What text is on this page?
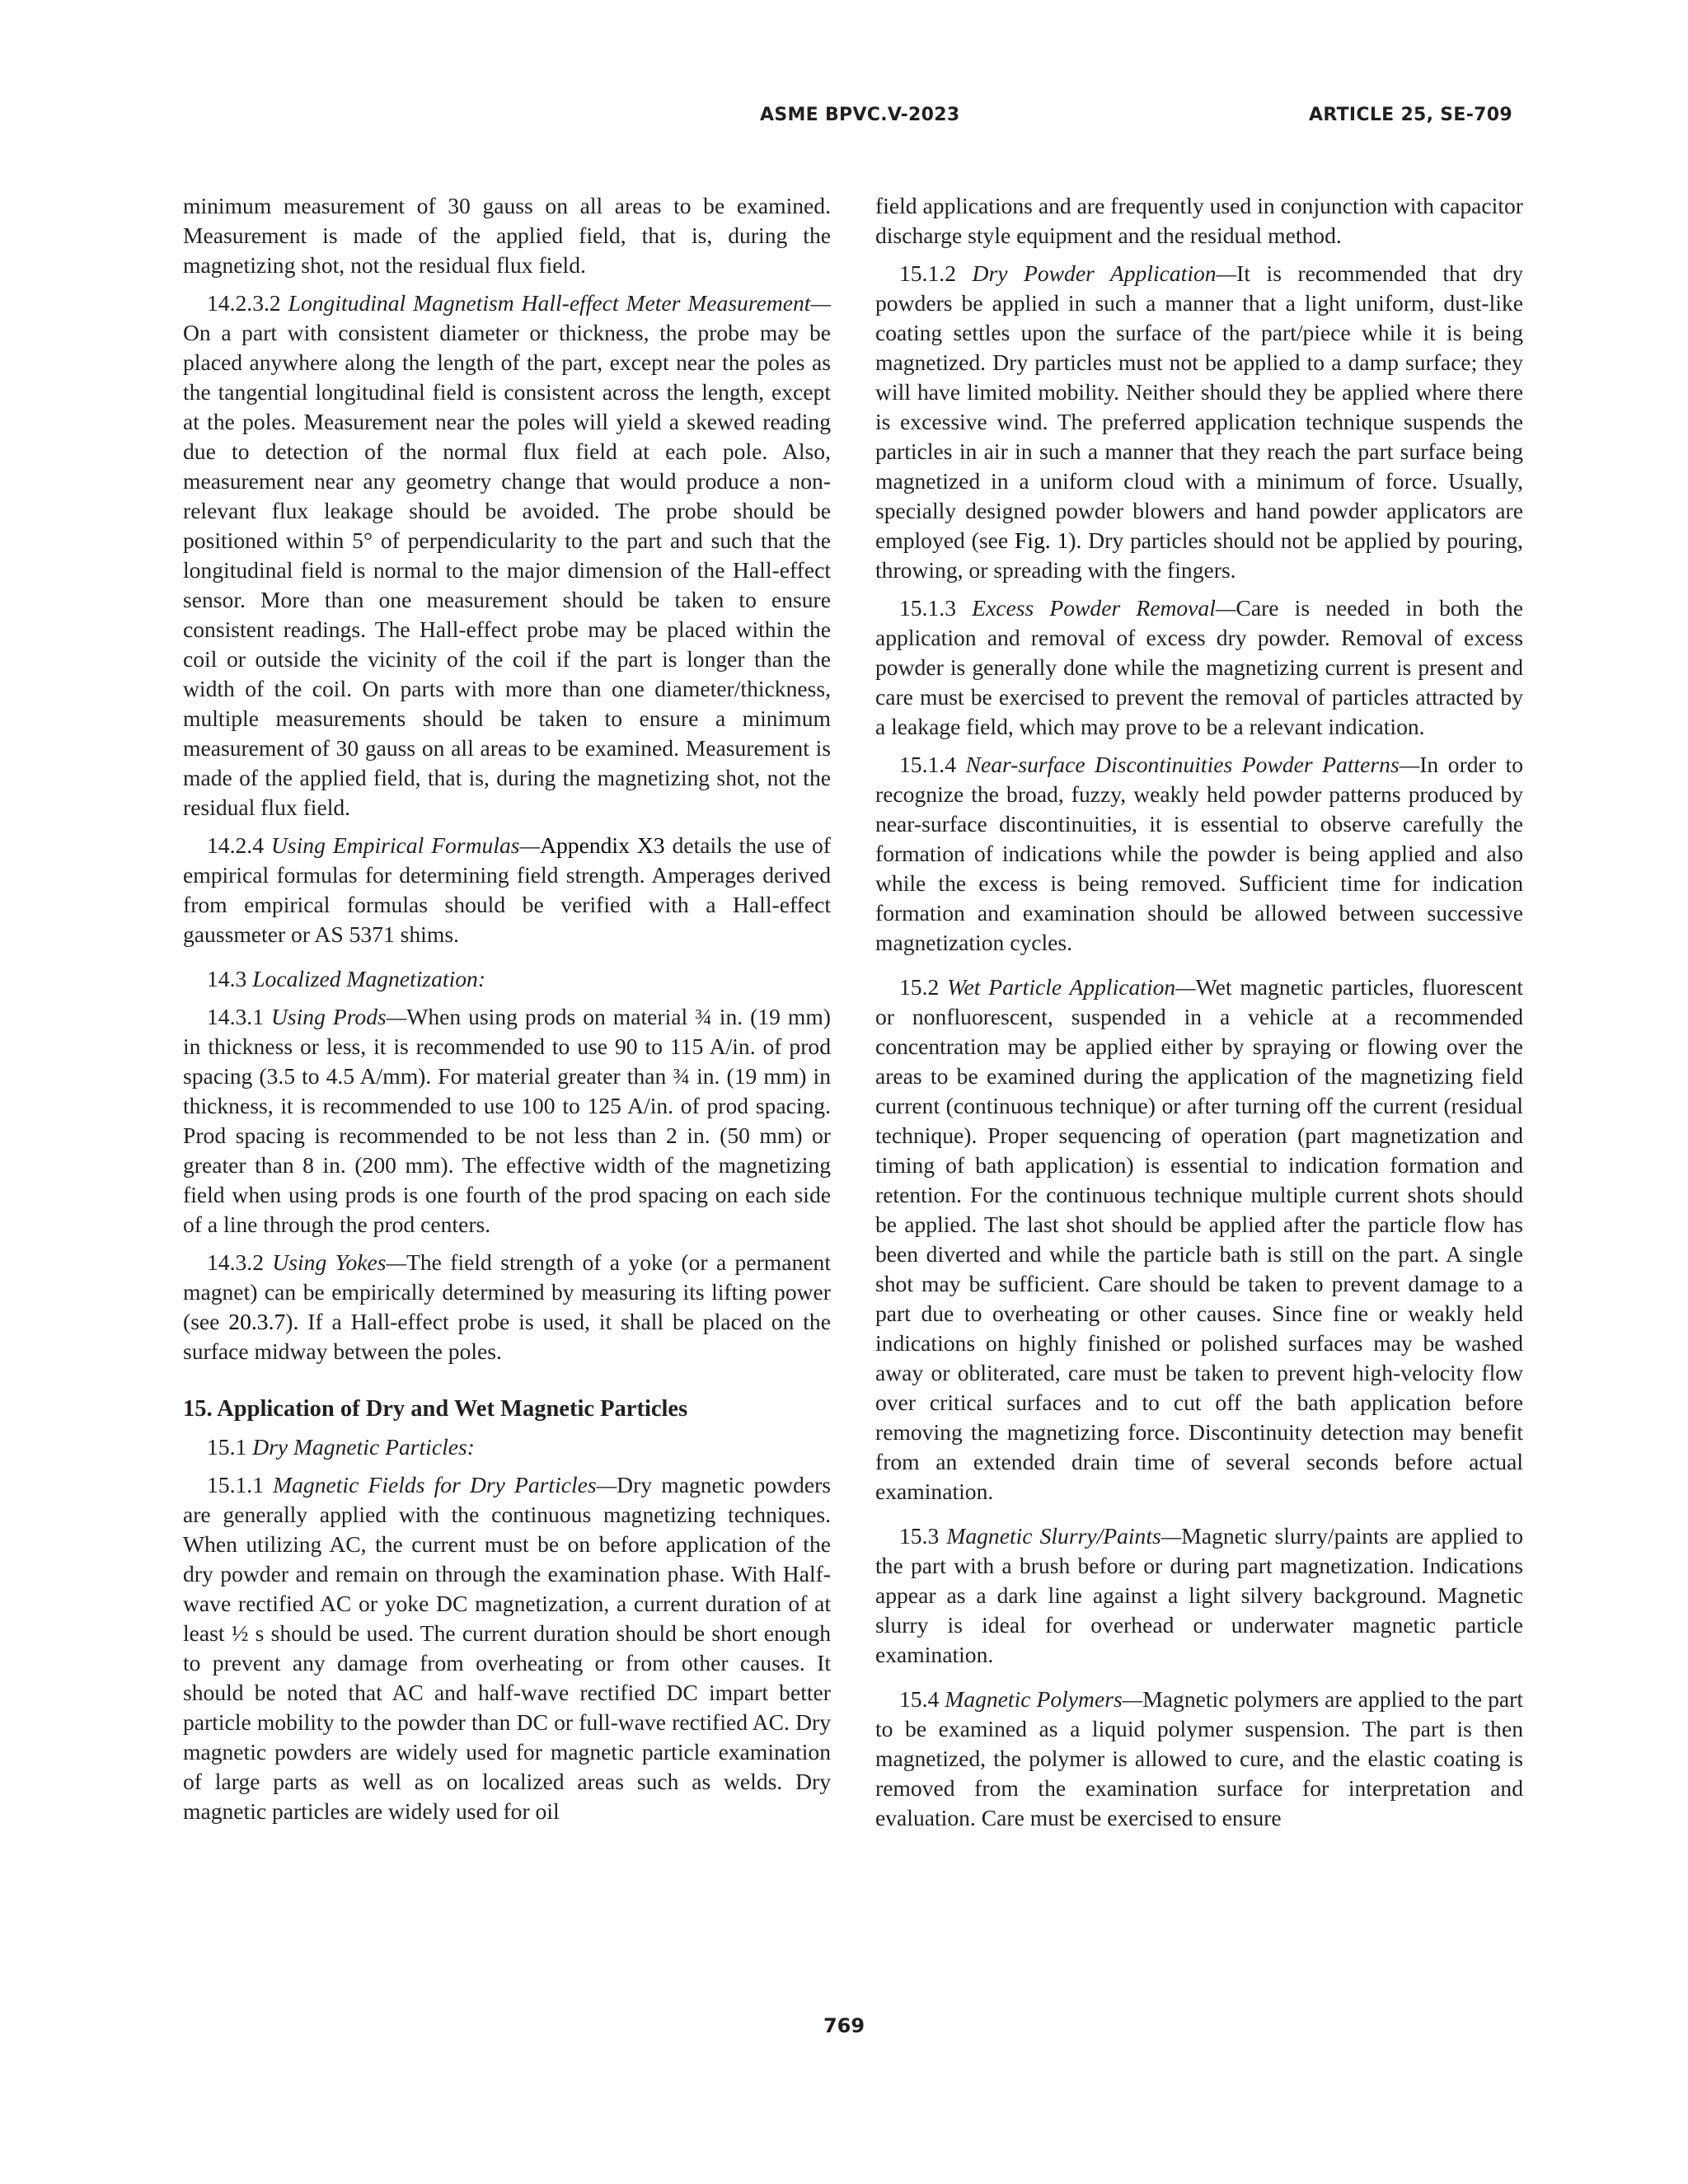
ASME BPVC.V-2023	ARTICLE 25, SE-709

minimum measurement of 30 gauss on all areas to be examined. Measurement is made of the applied field, that is, during the magnetizing shot, not the residual flux field.

14.2.3.2 Longitudinal Magnetism Hall-effect Meter Measurement—On a part with consistent diameter or thickness, the probe may be placed anywhere along the length of the part, except near the poles as the tangential longitudinal field is consistent across the length, except at the poles. Measurement near the poles will yield a skewed reading due to detection of the normal flux field at each pole. Also, measurement near any geometry change that would produce a non-relevant flux leakage should be avoided. The probe should be positioned within 5° of perpendicularity to the part and such that the longitudinal field is normal to the major dimension of the Hall-effect sensor. More than one measurement should be taken to ensure consistent readings. The Hall-effect probe may be placed within the coil or outside the vicinity of the coil if the part is longer than the width of the coil. On parts with more than one diameter/thickness, multiple measurements should be taken to ensure a minimum measurement of 30 gauss on all areas to be examined. Measurement is made of the applied field, that is, during the magnetizing shot, not the residual flux field.

14.2.4 Using Empirical Formulas—Appendix X3 details the use of empirical formulas for determining field strength. Amperages derived from empirical formulas should be verified with a Hall-effect gaussmeter or AS 5371 shims.

14.3 Localized Magnetization:

14.3.1 Using Prods—When using prods on material ¾ in. (19 mm) in thickness or less, it is recommended to use 90 to 115 A/in. of prod spacing (3.5 to 4.5 A/mm). For material greater than ¾ in. (19 mm) in thickness, it is recommended to use 100 to 125 A/in. of prod spacing. Prod spacing is recommended to be not less than 2 in. (50 mm) or greater than 8 in. (200 mm). The effective width of the magnetizing field when using prods is one fourth of the prod spacing on each side of a line through the prod centers.

14.3.2 Using Yokes—The field strength of a yoke (or a permanent magnet) can be empirically determined by measuring its lifting power (see 20.3.7). If a Hall-effect probe is used, it shall be placed on the surface midway between the poles.

15. Application of Dry and Wet Magnetic Particles

15.1 Dry Magnetic Particles:

15.1.1 Magnetic Fields for Dry Particles—Dry magnetic powders are generally applied with the continuous magnetizing techniques. When utilizing AC, the current must be on before application of the dry powder and remain on through the examination phase. With Half-wave rectified AC or yoke DC magnetization, a current duration of at least ½ s should be used. The current duration should be short enough to prevent any damage from overheating or from other causes. It should be noted that AC and half-wave rectified DC impart better particle mobility to the powder than DC or full-wave rectified AC. Dry magnetic powders are widely used for magnetic particle examination of large parts as well as on localized areas such as welds. Dry magnetic particles are widely used for oil

field applications and are frequently used in conjunction with capacitor discharge style equipment and the residual method.

15.1.2 Dry Powder Application—It is recommended that dry powders be applied in such a manner that a light uniform, dust-like coating settles upon the surface of the part/piece while it is being magnetized. Dry particles must not be applied to a damp surface; they will have limited mobility. Neither should they be applied where there is excessive wind. The preferred application technique suspends the particles in air in such a manner that they reach the part surface being magnetized in a uniform cloud with a minimum of force. Usually, specially designed powder blowers and hand powder applicators are employed (see Fig. 1). Dry particles should not be applied by pouring, throwing, or spreading with the fingers.

15.1.3 Excess Powder Removal—Care is needed in both the application and removal of excess dry powder. Removal of excess powder is generally done while the magnetizing current is present and care must be exercised to prevent the removal of particles attracted by a leakage field, which may prove to be a relevant indication.

15.1.4 Near-surface Discontinuities Powder Patterns—In order to recognize the broad, fuzzy, weakly held powder patterns produced by near-surface discontinuities, it is essential to observe carefully the formation of indications while the powder is being applied and also while the excess is being removed. Sufficient time for indication formation and examination should be allowed between successive magnetization cycles.

15.2 Wet Particle Application—Wet magnetic particles, fluorescent or nonfluorescent, suspended in a vehicle at a recommended concentration may be applied either by spraying or flowing over the areas to be examined during the application of the magnetizing field current (continuous technique) or after turning off the current (residual technique). Proper sequencing of operation (part magnetization and timing of bath application) is essential to indication formation and retention. For the continuous technique multiple current shots should be applied. The last shot should be applied after the particle flow has been diverted and while the particle bath is still on the part. A single shot may be sufficient. Care should be taken to prevent damage to a part due to overheating or other causes. Since fine or weakly held indications on highly finished or polished surfaces may be washed away or obliterated, care must be taken to prevent high-velocity flow over critical surfaces and to cut off the bath application before removing the magnetizing force. Discontinuity detection may benefit from an extended drain time of several seconds before actual examination.

15.3 Magnetic Slurry/Paints—Magnetic slurry/paints are applied to the part with a brush before or during part magnetization. Indications appear as a dark line against a light silvery background. Magnetic slurry is ideal for overhead or underwater magnetic particle examination.

15.4 Magnetic Polymers—Magnetic polymers are applied to the part to be examined as a liquid polymer suspension. The part is then magnetized, the polymer is allowed to cure, and the elastic coating is removed from the examination surface for interpretation and evaluation. Care must be exercised to ensure

769
